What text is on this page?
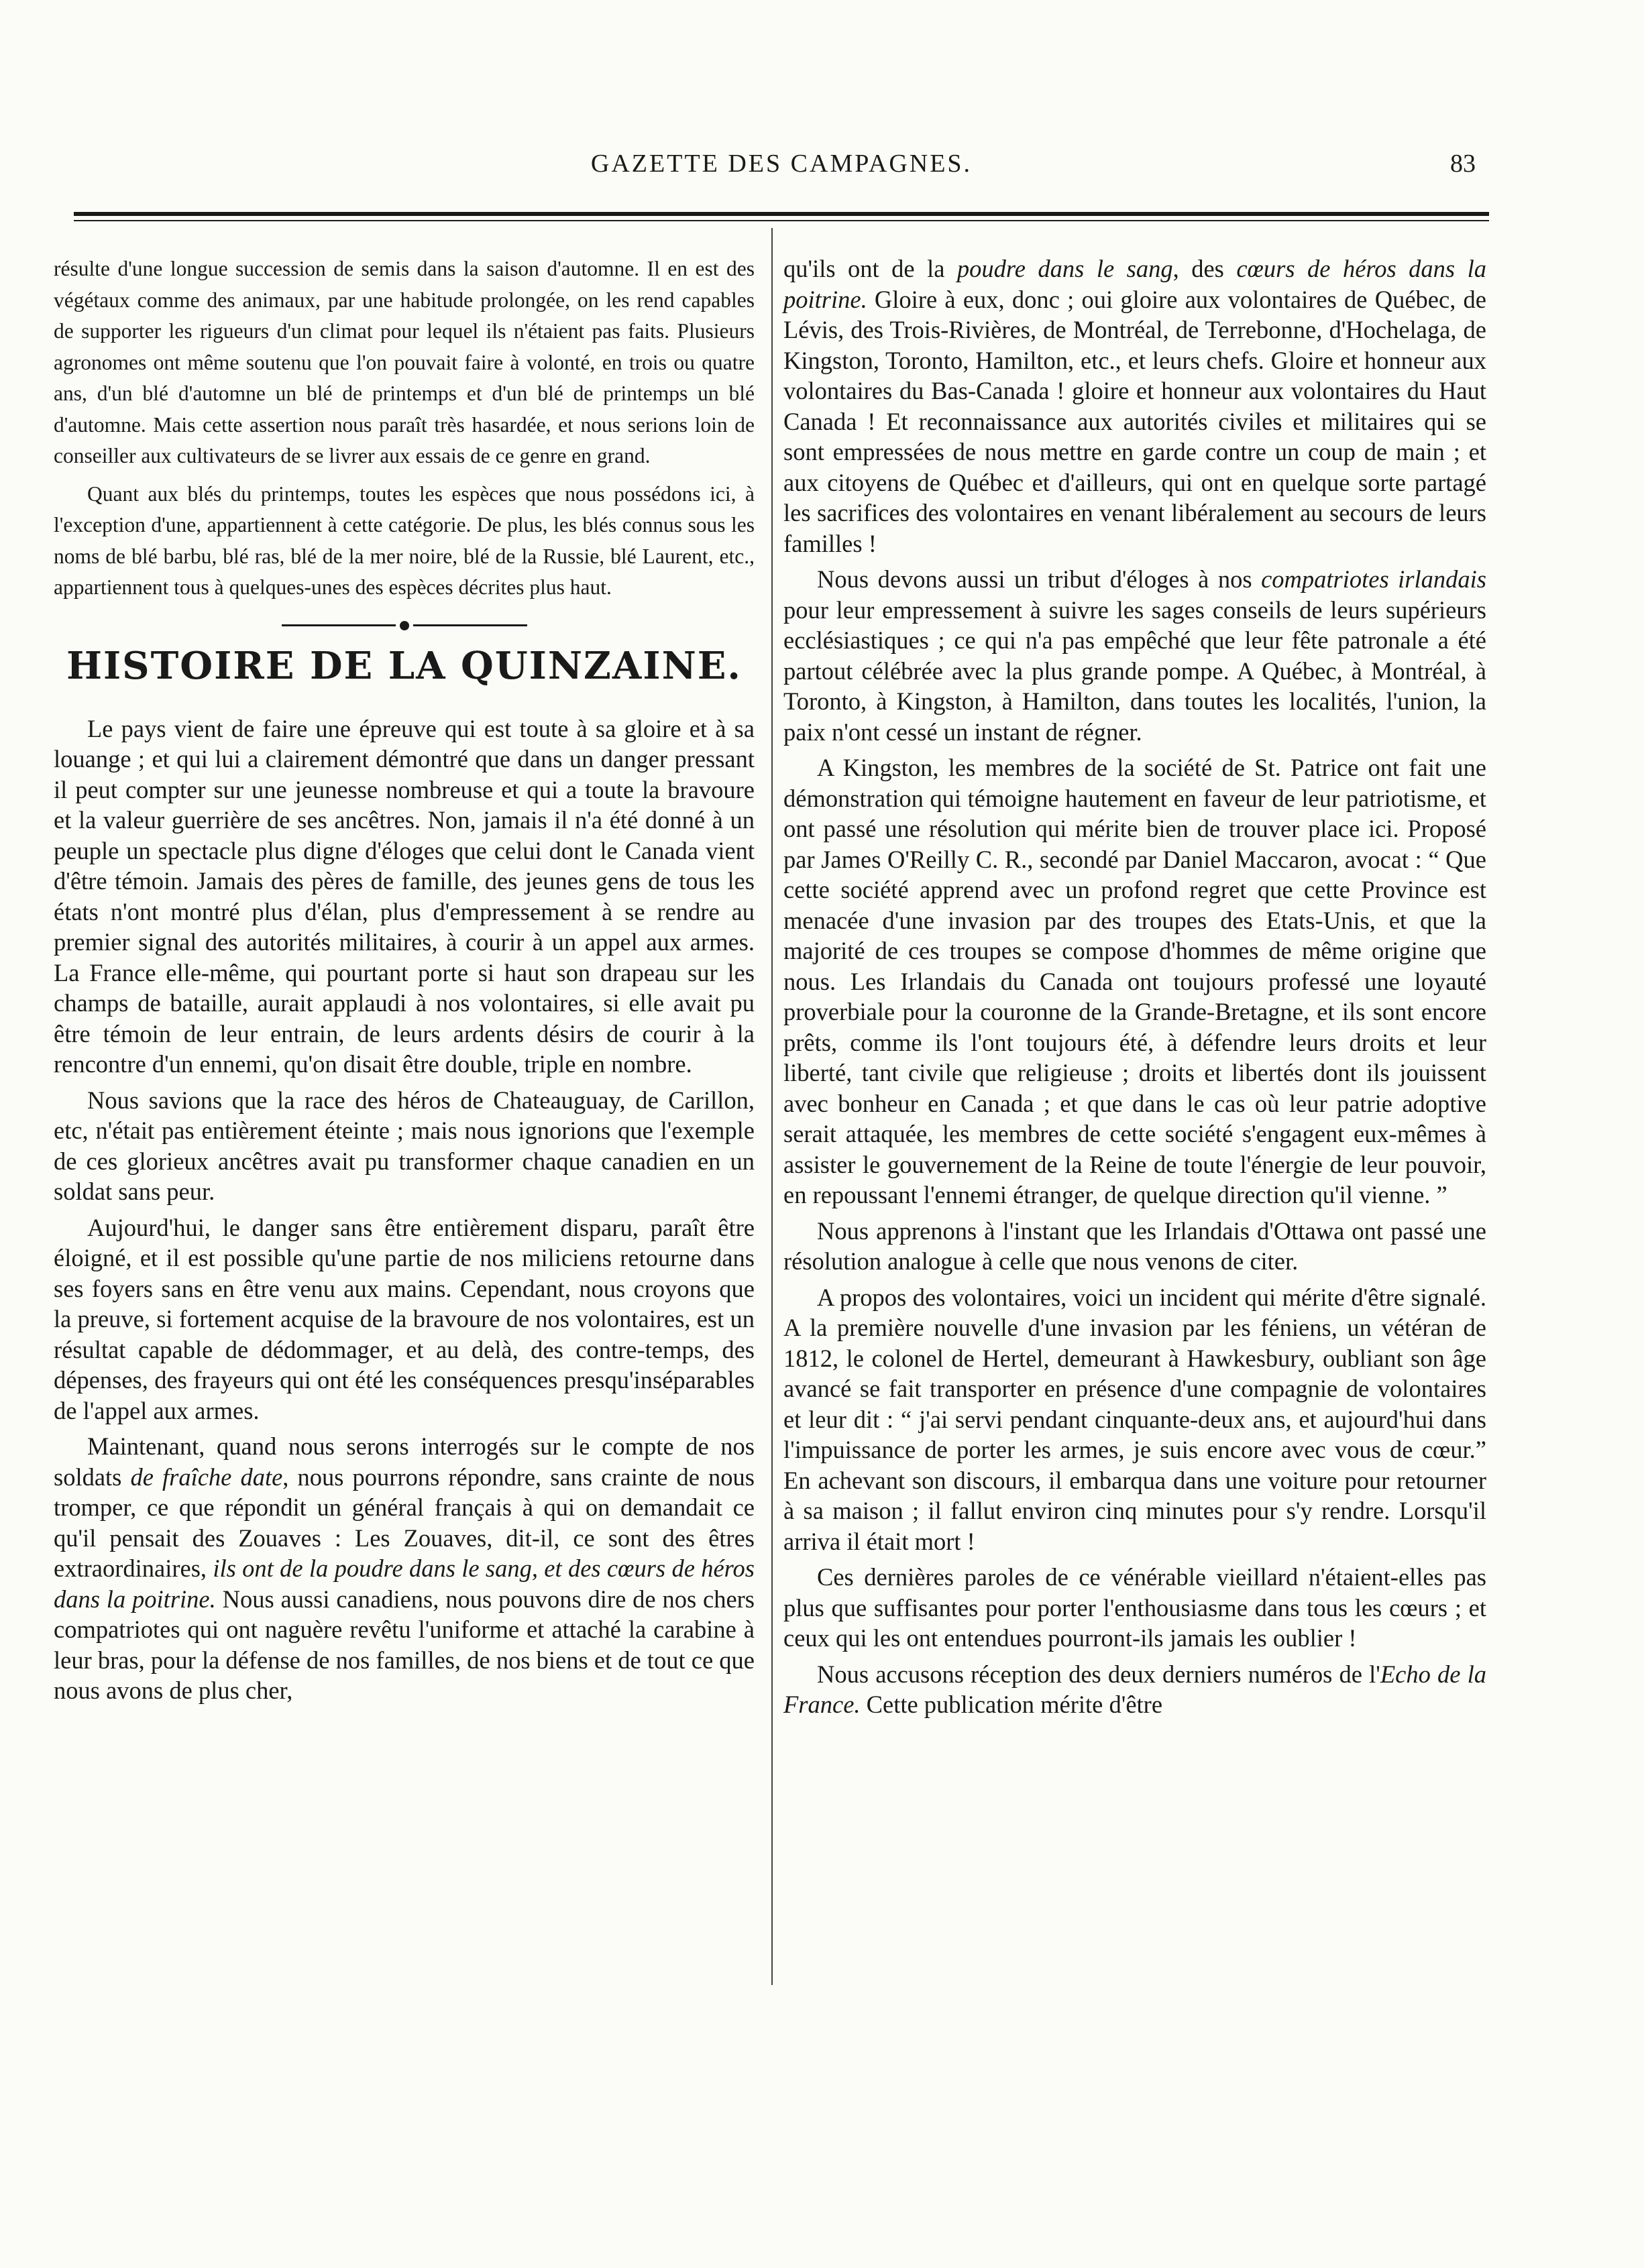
GAZETTE DES CAMPAGNES.	83

résulte d'une longue succession de semis dans la saison d'automne. Il en est des végétaux comme des animaux, par une habitude prolongée, on les rend capables de supporter les rigueurs d'un climat pour lequel ils n'étaient pas faits. Plusieurs agronomes ont même soutenu que l'on pouvait faire à volonté, en trois ou quatre ans, d'un blé d'automne un blé de printemps et d'un blé de printemps un blé d'automne. Mais cette assertion nous paraît très hasardée, et nous serions loin de conseiller aux cultivateurs de se livrer aux essais de ce genre en grand.

Quant aux blés du printemps, toutes les espèces que nous possédons ici, à l'exception d'une, appartiennent à cette catégorie. De plus, les blés connus sous les noms de blé barbu, blé ras, blé de la mer noire, blé de la Russie, blé Laurent, etc., appartiennent tous à quelques-unes des espèces décrites plus haut.

HISTOIRE DE LA QUINZAINE.

Le pays vient de faire une épreuve qui est toute à sa gloire et à sa louange ; et qui lui a clairement démontré que dans un danger pressant il peut compter sur une jeunesse nombreuse et qui a toute la bravoure et la valeur guerrière de ses ancêtres. Non, jamais il n'a été donné à un peuple un spectacle plus digne d'éloges que celui dont le Canada vient d'être témoin. Jamais des pères de famille, des jeunes gens de tous les états n'ont montré plus d'élan, plus d'empressement à se rendre au premier signal des autorités militaires, à courir à un appel aux armes. La France elle-même, qui pourtant porte si haut son drapeau sur les champs de bataille, aurait applaudi à nos volontaires, si elle avait pu être témoin de leur entrain, de leurs ardents désirs de courir à la rencontre d'un ennemi, qu'on disait être double, triple en nombre.

Nous savions que la race des héros de Chateauguay, de Carillon, etc, n'était pas entièrement éteinte ; mais nous ignorions que l'exemple de ces glorieux ancêtres avait pu transformer chaque canadien en un soldat sans peur.

Aujourd'hui, le danger sans être entièrement disparu, paraît être éloigné, et il est possible qu'une partie de nos miliciens retourne dans ses foyers sans en être venu aux mains. Cependant, nous croyons que la preuve, si fortement acquise de la bravoure de nos volontaires, est un résultat capable de dédommager, et au delà, des contre-temps, des dépenses, des frayeurs qui ont été les conséquences presqu'inséparables de l'appel aux armes.

Maintenant, quand nous serons interrogés sur le compte de nos soldats de fraîche date, nous pourrons répondre, sans crainte de nous tromper, ce que répondit un général français à qui on demandait ce qu'il pensait des Zouaves : Les Zouaves, dit-il, ce sont des êtres extraordinaires, ils ont de la poudre dans le sang, et des cœurs de héros dans la poitrine. Nous aussi canadiens, nous pouvons dire de nos chers compatriotes qui ont naguère revêtu l'uniforme et attaché la carabine à leur bras, pour la défense de nos familles, de nos biens et de tout ce que nous avons de plus cher,

qu'ils ont de la poudre dans le sang, des cœurs de héros dans la poitrine. Gloire à eux, donc ; oui gloire aux volontaires de Québec, de Lévis, des Trois-Rivières, de Montréal, de Terrebonne, d'Hochelaga, de Kingston, Toronto, Hamilton, etc., et leurs chefs. Gloire et honneur aux volontaires du Bas-Canada ! gloire et honneur aux volontaires du Haut Canada ! Et reconnaissance aux autorités civiles et militaires qui se sont empressées de nous mettre en garde contre un coup de main ; et aux citoyens de Québec et d'ailleurs, qui ont en quelque sorte partagé les sacrifices des volontaires en venant libéralement au secours de leurs familles !

Nous devons aussi un tribut d'éloges à nos compatriotes irlandais pour leur empressement à suivre les sages conseils de leurs supérieurs ecclésiastiques ; ce qui n'a pas empêché que leur fête patronale a été partout célébrée avec la plus grande pompe. A Québec, à Montréal, à Toronto, à Kingston, à Hamilton, dans toutes les localités, l'union, la paix n'ont cessé un instant de régner.

A Kingston, les membres de la société de St. Patrice ont fait une démonstration qui témoigne hautement en faveur de leur patriotisme, et ont passé une résolution qui mérite bien de trouver place ici. Proposé par James O'Reilly C. R., secondé par Daniel Maccaron, avocat : “ Que cette société apprend avec un profond regret que cette Province est menacée d'une invasion par des troupes des Etats-Unis, et que la majorité de ces troupes se compose d'hommes de même origine que nous. Les Irlandais du Canada ont toujours professé une loyauté proverbiale pour la couronne de la Grande-Bretagne, et ils sont encore prêts, comme ils l'ont toujours été, à défendre leurs droits et leur liberté, tant civile que religieuse ; droits et libertés dont ils jouissent avec bonheur en Canada ; et que dans le cas où leur patrie adoptive serait attaquée, les membres de cette société s'engagent eux-mêmes à assister le gouvernement de la Reine de toute l'énergie de leur pouvoir, en repoussant l'ennemi étranger, de quelque direction qu'il vienne. ”

Nous apprenons à l'instant que les Irlandais d'Ottawa ont passé une résolution analogue à celle que nous venons de citer.

A propos des volontaires, voici un incident qui mérite d'être signalé. A la première nouvelle d'une invasion par les féniens, un vétéran de 1812, le colonel de Hertel, demeurant à Hawkesbury, oubliant son âge avancé se fait transporter en présence d'une compagnie de volontaires et leur dit : “ j'ai servi pendant cinquante-deux ans, et aujourd'hui dans l'impuissance de porter les armes, je suis encore avec vous de cœur.” En achevant son discours, il embarqua dans une voiture pour retourner à sa maison ; il fallut environ cinq minutes pour s'y rendre. Lorsqu'il arriva il était mort !

Ces dernières paroles de ce vénérable vieillard n'étaient-elles pas plus que suffisantes pour porter l'enthousiasme dans tous les cœurs ; et ceux qui les ont entendues pourront-ils jamais les oublier !

Nous accusons réception des deux derniers numéros de l'Echo de la France. Cette publication mérite d'être
